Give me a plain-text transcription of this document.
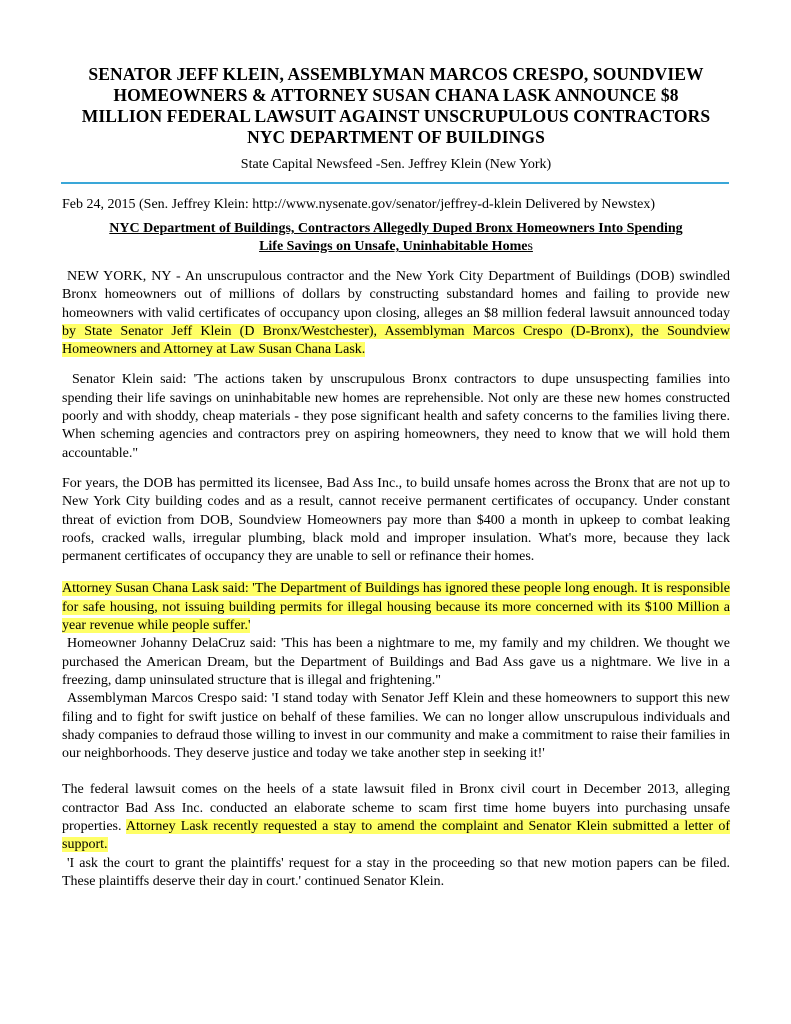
SENATOR JEFF KLEIN, ASSEMBLYMAN MARCOS CRESPO, SOUNDVIEW
HOMEOWNERS & ATTORNEY SUSAN CHANA LASK ANNOUNCE $8
MILLION FEDERAL LAWSUIT AGAINST UNSCRUPULOUS CONTRACTORS
NYC DEPARTMENT OF BUILDINGS
State Capital Newsfeed -Sen. Jeffrey Klein (New York)
Feb 24, 2015 (Sen. Jeffrey Klein: http://www.nysenate.gov/senator/jeffrey-d-klein Delivered by Newstex)
NYC Department of Buildings, Contractors Allegedly Duped Bronx Homeowners Into Spending
Life Savings on Unsafe, Uninhabitable Homes

NEW YORK, NY - An unscrupulous contractor and the New York City Department of Buildings (DOB) swindled Bronx homeowners out of millions of dollars by constructing substandard homes and failing to provide new homeowners with valid certificates of occupancy upon closing, alleges an $8 million federal lawsuit announced today by State Senator Jeff Klein (D Bronx/Westchester), Assemblyman Marcos Crespo (D-Bronx), the Soundview Homeowners and Attorney at Law Susan Chana Lask.

Senator Klein said: 'The actions taken by unscrupulous Bronx contractors to dupe unsuspecting families into spending their life savings on uninhabitable new homes are reprehensible. Not only are these new homes constructed poorly and with shoddy, cheap materials - they pose significant health and safety concerns to the families living there. When scheming agencies and contractors prey on aspiring homeowners, they need to know that we will hold them accountable."

For years, the DOB has permitted its licensee, Bad Ass Inc., to build unsafe homes across the Bronx that are not up to New York City building codes and as a result, cannot receive permanent certificates of occupancy. Under constant threat of eviction from DOB, Soundview Homeowners pay more than $400 a month in upkeep to combat leaking roofs, cracked walls, irregular plumbing, black mold and improper insulation. What's more, because they lack permanent certificates of occupancy they are unable to sell or refinance their homes.

Attorney Susan Chana Lask said: 'The Department of Buildings has ignored these people long enough. It is responsible for safe housing, not issuing building permits for illegal housing because its more concerned with its $100 Million a year revenue while people suffer.'

Homeowner Johanny DelaCruz said: 'This has been a nightmare to me, my family and my children. We thought we purchased the American Dream, but the Department of Buildings and Bad Ass gave us a nightmare. We live in a freezing, damp uninsulated structure that is illegal and frightening."

Assemblyman Marcos Crespo said: 'I stand today with Senator Jeff Klein and these homeowners to support this new filing and to fight for swift justice on behalf of these families. We can no longer allow unscrupulous individuals and shady companies to defraud those willing to invest in our community and make a commitment to raise their families in our neighborhoods. They deserve justice and today we take another step in seeking it!'

The federal lawsuit comes on the heels of a state lawsuit filed in Bronx civil court in December 2013, alleging contractor Bad Ass Inc. conducted an elaborate scheme to scam first time home buyers into purchasing unsafe properties. Attorney Lask recently requested a stay to amend the complaint and Senator Klein submitted a letter of support.

'I ask the court to grant the plaintiffs' request for a stay in the proceeding so that new motion papers can be filed. These plaintiffs deserve their day in court.' continued Senator Klein.
